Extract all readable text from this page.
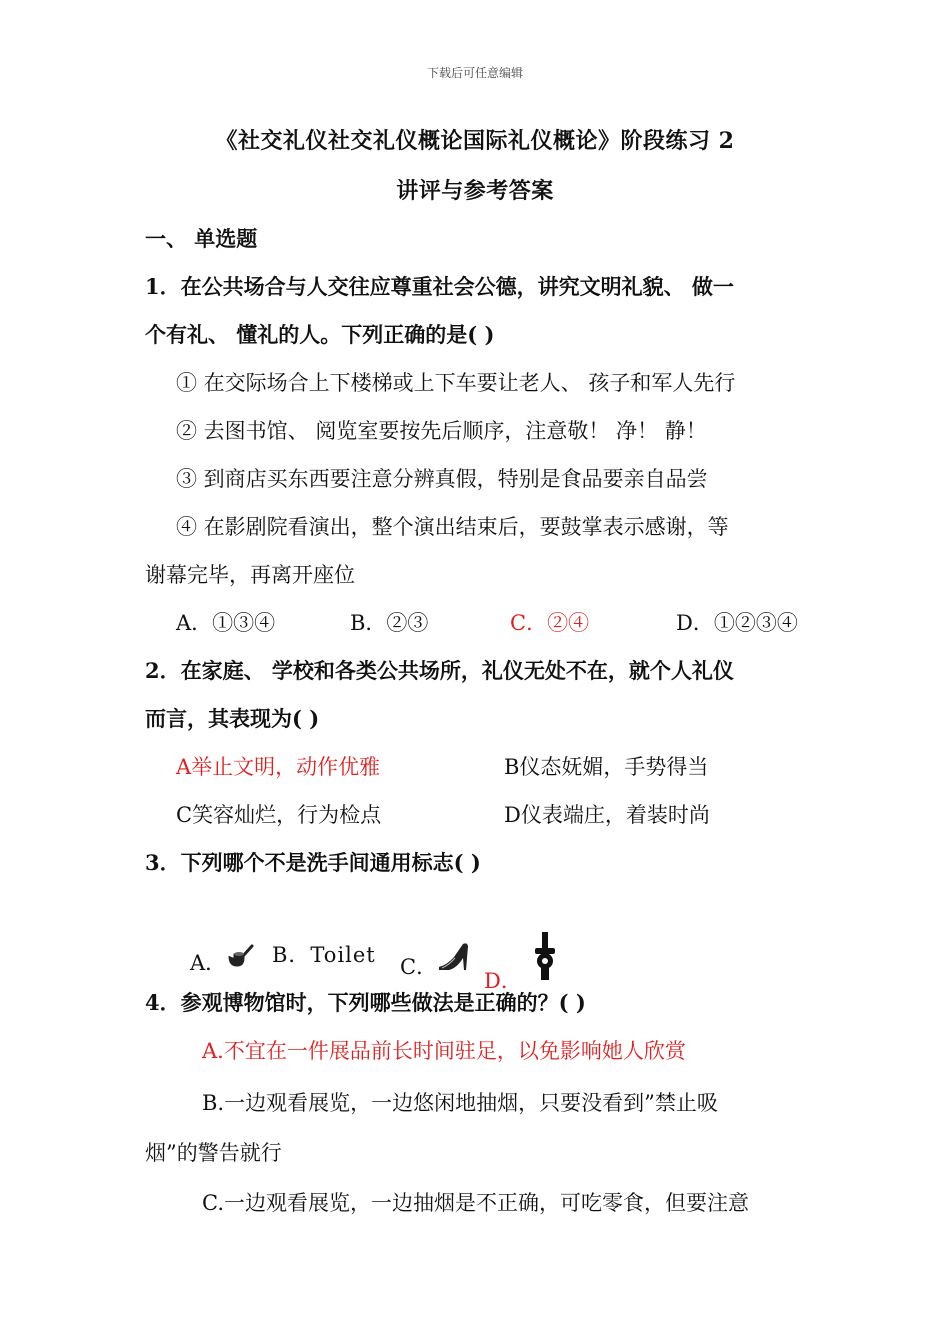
下载后可任意编辑
《社交礼仪社交礼仪概论国际礼仪概论》阶段练习 2
讲评与参考答案
一、 单选题
1．在公共场合与人交往应尊重社会公德，讲究文明礼貌、 做一
个有礼、 懂礼的人。下列正确的是( )
① 在交际场合上下楼梯或上下车要让老人、 孩子和军人先行
② 去图书馆、 阅览室要按先后顺序，注意敬！ 净！ 静！
③ 到商店买东西要注意分辨真假，特别是食品要亲自品尝
④ 在影剧院看演出，整个演出结束后，要鼓掌表示感谢，等
谢幕完毕，再离开座位
A．①③④	B．②③	C．②④	D．①②③④
2．在家庭、 学校和各类公共场所，礼仪无处不在，就个人礼仪
而言，其表现为( )
A举止文明，动作优雅	B仪态妩媚，手势得当
C笑容灿烂，行为检点	D仪表端庄，着装时尚
3．下列哪个不是洗手间通用标志( )
A．	B．Toilet C．
D．
4．参观博物馆时，下列哪些做法是正确的？( )
A.不宜在一件展品前长时间驻足，以免影响她人欣赏
B.一边观看展览，一边悠闲地抽烟，只要没看到”禁止吸
烟”的警告就行
C.一边观看展览，一边抽烟是不正确，可吃零食，但要注意
